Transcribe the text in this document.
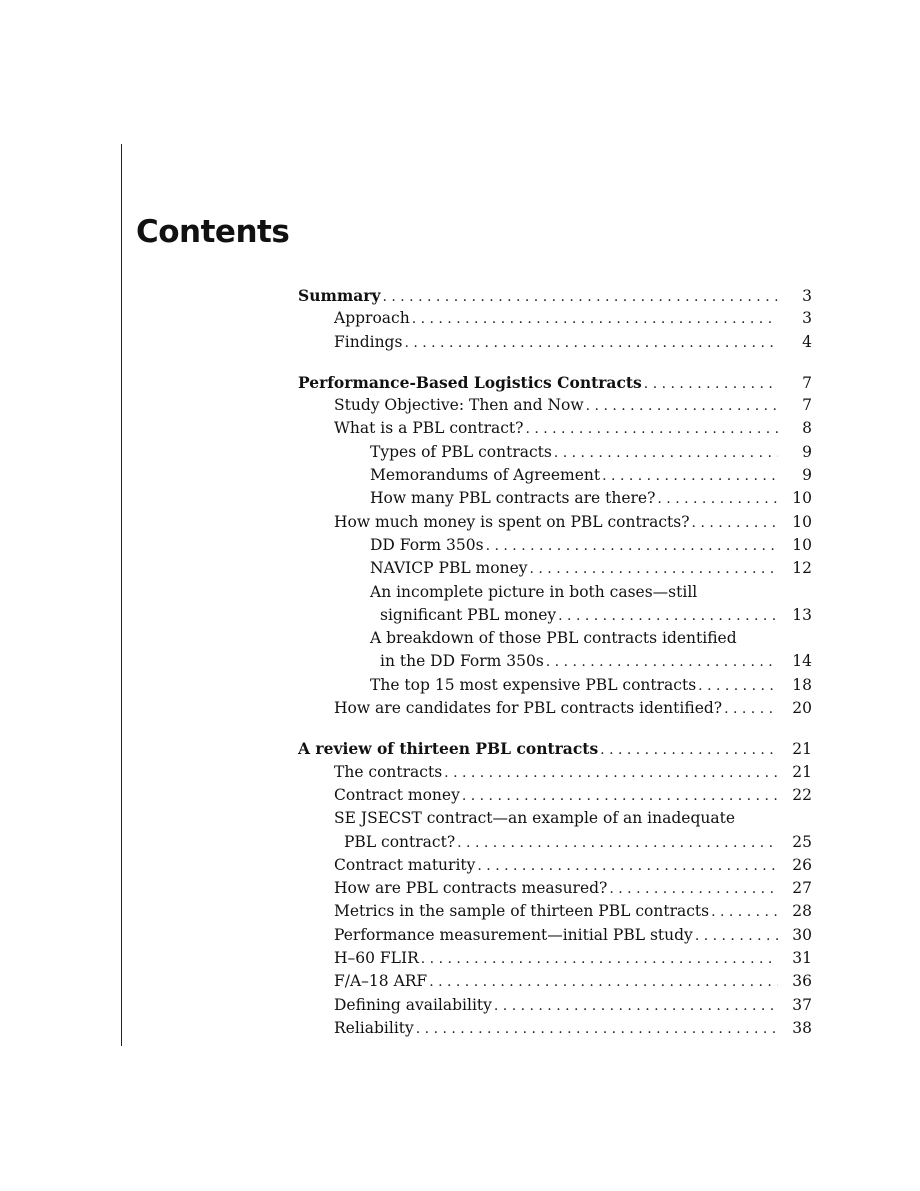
Contents
Summary . . .	3
Approach . . .	3
Findings . . .	4
Performance-Based Logistics Contracts . . .	7
Study Objective: Then and Now . . .	7
What is a PBL contract? . . .	8
Types of PBL contracts . . .	9
Memorandums of Agreement . . .	9
How many PBL contracts are there? . . .	10
How much money is spent on PBL contracts? . . .	10
DD Form 350s . . .	10
NAVICP PBL money . . .	12
An incomplete picture in both cases—still
significant PBL money . . .	13
A breakdown of those PBL contracts identified
in the DD Form 350s . . .	14
The top 15 most expensive PBL contracts . . .	18
How are candidates for PBL contracts identified? . . .	20
A review of thirteen PBL contracts . . .	21
The contracts . . .	21
Contract money . . .	22
SE JSECST contract—an example of an inadequate
PBL contract? . . .	25
Contract maturity . . .	26
How are PBL contracts measured? . . .	27
Metrics in the sample of thirteen PBL contracts . . .	28
Performance measurement—initial PBL study . . .	30
H–60 FLIR . . .	31
F/A–18 ARF . . .	36
Defining availability . . .	37
Reliability . . .	38
